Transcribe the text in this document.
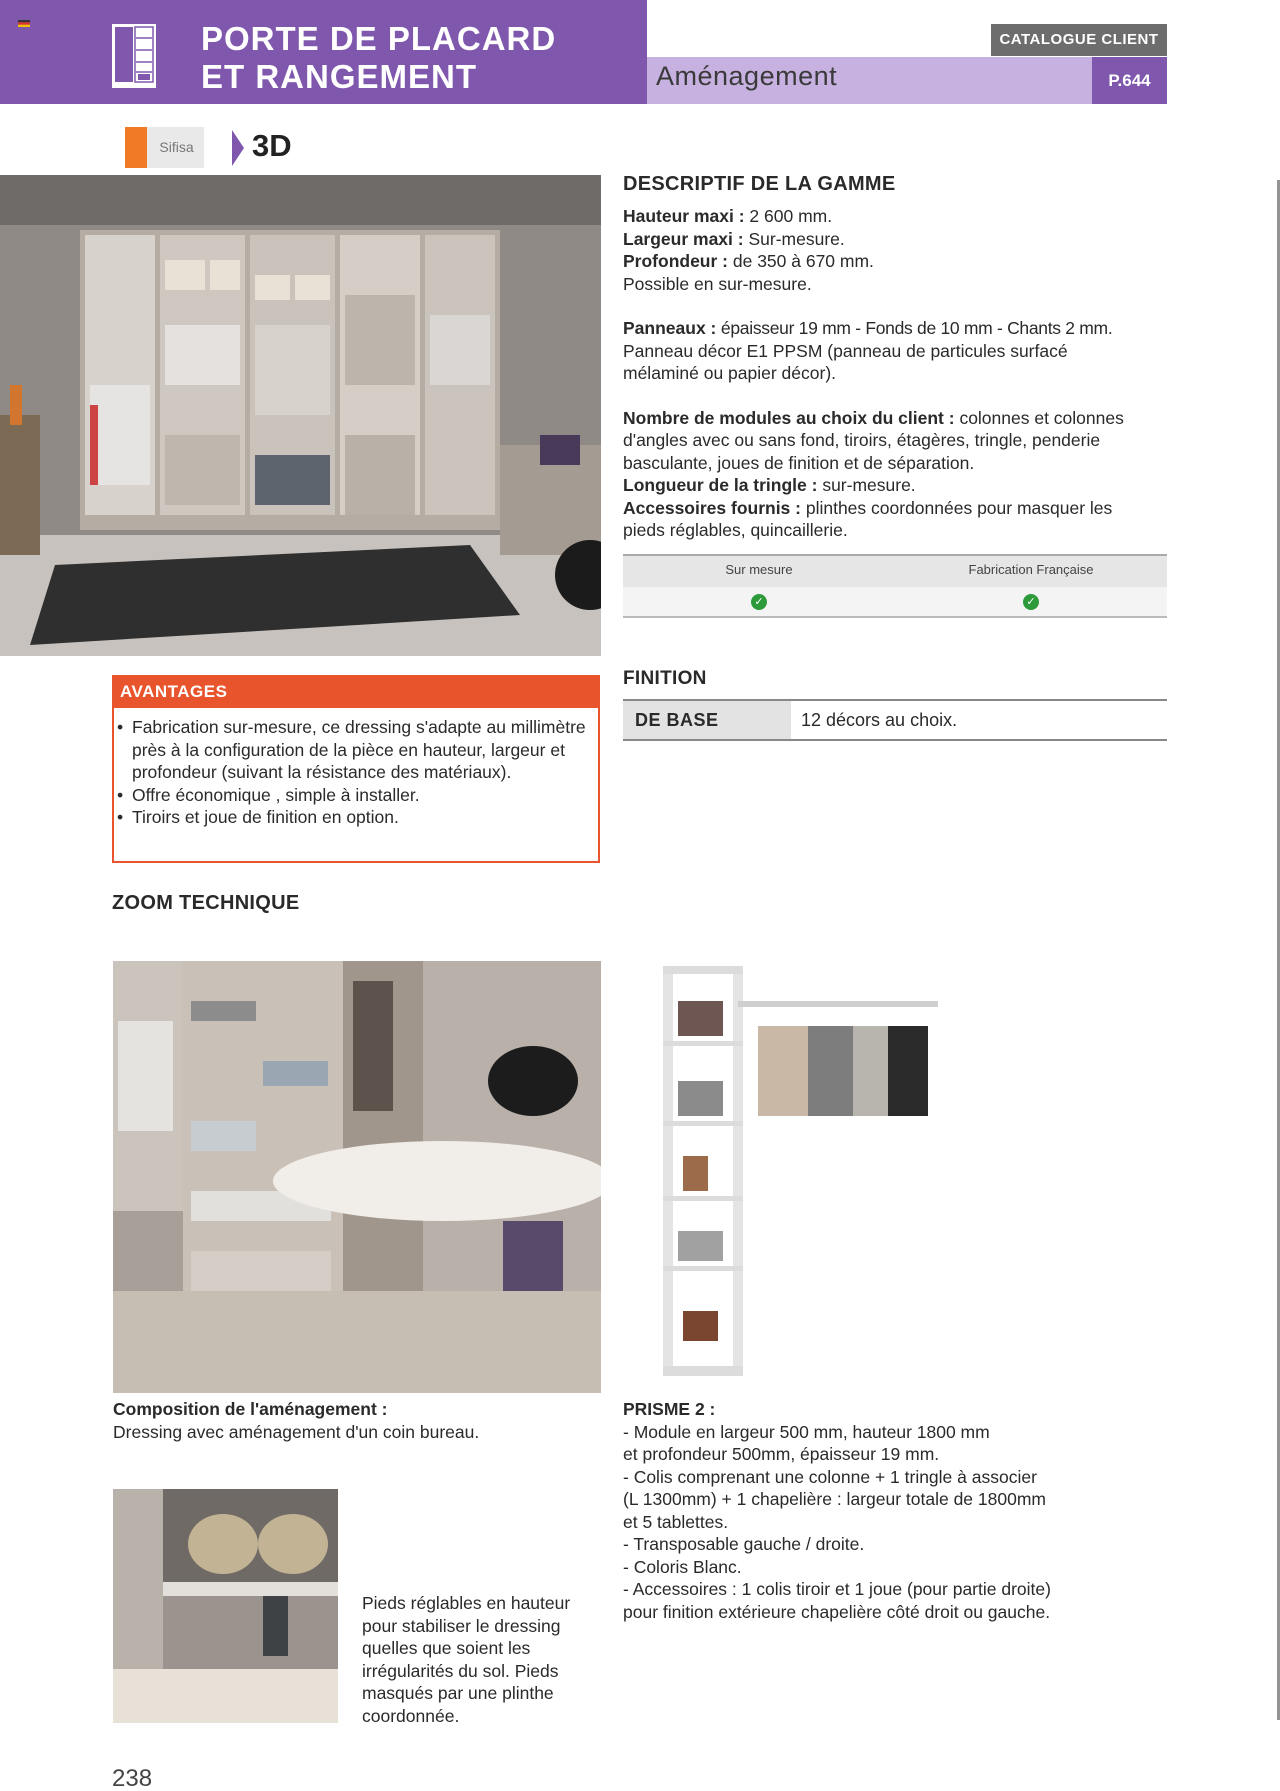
PORTE DE PLACARD
ET RANGEMENT	Aménagement
CATALOGUE CLIENT
P.644
Sifisa	3D
DESCRIPTIF DE LA GAMME

Hauteur maxi : 2 600 mm.

Largeur maxi : Sur-mesure.

Profondeur : de 350 à 670 mm.

Possible en sur-mesure.

Panneaux : épaisseur 19 mm - Fonds de 10 mm - Chants 2 mm.

Panneau décor E1 PPSM (panneau de particules surfacé mélaminé ou papier décor).

Nombre de modules au choix du client : colonnes et colonnes d'angles avec ou sans fond, tiroirs, étagères, tringle, penderie basculante, joues de finition et de séparation.

Longueur de la tringle : sur-mesure.

Accessoires fournis : plinthes coordonnées pour masquer les pieds réglables, quincaillerie.

Sur mesure	Fabrication Française
✓	✓
AVANTAGES
• Fabrication sur-mesure, ce dressing s'adapte au millimètre près à la configuration de la pièce en hauteur, largeur et profondeur (suivant la résistance des matériaux).
• Offre économique , simple à installer.
• Tiroirs et joue de finition en option.
FINITION
DE BASE	12 décors au choix.
ZOOM TECHNIQUE
Composition de l'aménagement :
Dressing avec aménagement d'un coin bureau.
PRISME 2 :
- Module en largeur 500 mm, hauteur 1800 mm
et profondeur 500mm, épaisseur 19 mm.
- Colis comprenant une colonne + 1 tringle à associer
(L 1300mm) + 1 chapelière : largeur totale de 1800mm
et 5 tablettes.
- Transposable gauche / droite.
- Coloris Blanc.
- Accessoires : 1 colis tiroir et 1 joue (pour partie droite)
pour finition extérieure chapelière côté droit ou gauche.
Pieds réglables en hauteur pour stabiliser le dressing quelles que soient les irrégularités du sol. Pieds masqués par une plinthe coordonnée.
238
